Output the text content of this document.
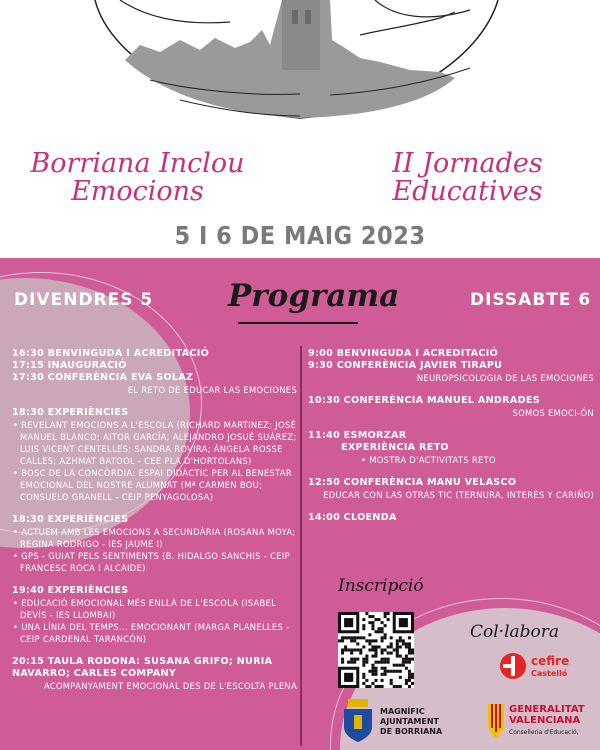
Borriana Inclou
Emocions
II Jornades
Educatives
5 I 6 DE MAIG 2023
DIVENDRES 5	DISSABTE 6
Programa
16:30 BENVINGUDA I ACREDITACIÓ
17:15 INAUGURACIÓ
17:30 CONFERÈNCIA EVA SOLAZ
EL RETO DE EDUCAR LAS EMOCIONES
18:30 EXPERIÈNCIES
• REVELANT EMOCIONS A L'ESCOLA (RICHARD MARTINEZ; JOSÉ MANUEL BLANCO; AITOR GARCÍA; ALEJANDRO JOSUÉ SUÁREZ; LUIS VICENT CENTELLES; SANDRA ROVIRA; ÀNGELA ROSSE CALLES; AZHMAT BATOOL - CEE PLA D'HORTOLANS)
• BOSC DE LA CONCÒRDIA: ESPAI DIDÀCTIC PER AL BENESTAR EMOCIONAL DEL NOSTRE ALUMNAT (Mª CARMEN BOU; CONSUELO GRANELL - CEIP PENYAGOLOSA)
18:30 EXPERIÈNCIES
• ACTUEM AMB LES EMOCIONS A SECUNDÀRIA (ROSANA MOYA; REGINA RODRIGO - IES JAUME I)
• GPS - GUIAT PELS SENTIMENTS (B. HIDALGO SANCHIS - CEIP FRANCESC ROCA I ALCAIDE)
19:40 EXPERIÈNCIES
• EDUCACIÓ EMOCIONAL MÉS ENLLÀ DE L'ESCOLA (ISABEL DEVÍS - IES LLOMBAI)
• UNA LÍNIA DEL TEMPS... EMOCIONANT (MARGA PLANELLES - CEIP CARDENAL TARANCÓN)
20:15 TAULA RODONA: SUSANA GRIFO; NURIA NAVARRO; CARLES COMPANY
ACOMPANYAMENT EMOCIONAL DES DE L'ESCOLTA PLENA
9:00 BENVINGUDA I ACREDITACIÓ
9:30 CONFERÈNCIA JAVIER TIRAPU
NEUROPSICOLOGIA DE LAS EMOCIONES
10:30 CONFERÈNCIA MANUEL ANDRADES
SOMOS EMOCI-ÓN
11:40 ESMORZAR
EXPERIÈNCIA RETO
• MOSTRA D'ACTIVITATS RETO
12:50 CONFERÈNCIA MANU VELASCO
EDUCAR CON LAS OTRAS TIC (TERNURA, INTERÈS Y CARIÑO)
14:00 CLOENDA
Inscripció
Col·labora
cefire
Castelló
MAGNÍFIC
AJUNTAMENT
DE BORRIANA
GENERALITAT
VALENCIANA
Conselleria d'Educació,
